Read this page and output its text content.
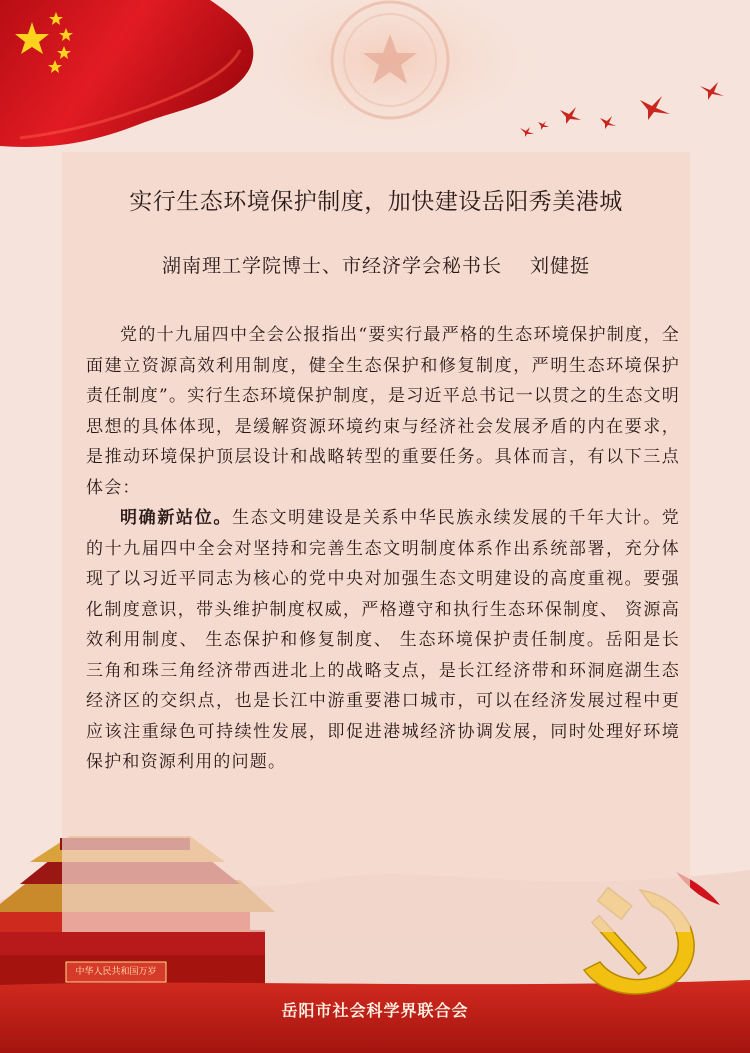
中华人民共和国万岁
实行生态环境保护制度，加快建设岳阳秀美港城
湖南理工学院博士、市经济学会秘书长 刘健挺

党的十九届四中全会公报指出“要实行最严格的生态环境保护制度，全面建立资源高效利用制度，健全生态保护和修复制度，严明生态环境保护责任制度”。实行生态环境保护制度，是习近平总书记一以贯之的生态文明思想的具体体现，是缓解资源环境约束与经济社会发展矛盾的内在要求，是推动环境保护顶层设计和战略转型的重要任务。具体而言，有以下三点体会：

明确新站位。生态文明建设是关系中华民族永续发展的千年大计。党的十九届四中全会对坚持和完善生态文明制度体系作出系统部署，充分体现了以习近平同志为核心的党中央对加强生态文明建设的高度重视。要强化制度意识，带头维护制度权威，严格遵守和执行生态环保制度、 资源高效利用制度、 生态保护和修复制度、 生态环境保护责任制度。岳阳是长三角和珠三角经济带西进北上的战略支点，是长江经济带和环洞庭湖生态经济区的交织点，也是长江中游重要港口城市，可以在经济发展过程中更应该注重绿色可持续性发展，即促进港城经济协调发展，同时处理好环境保护和资源利用的问题。

岳阳市社会科学界联合会
